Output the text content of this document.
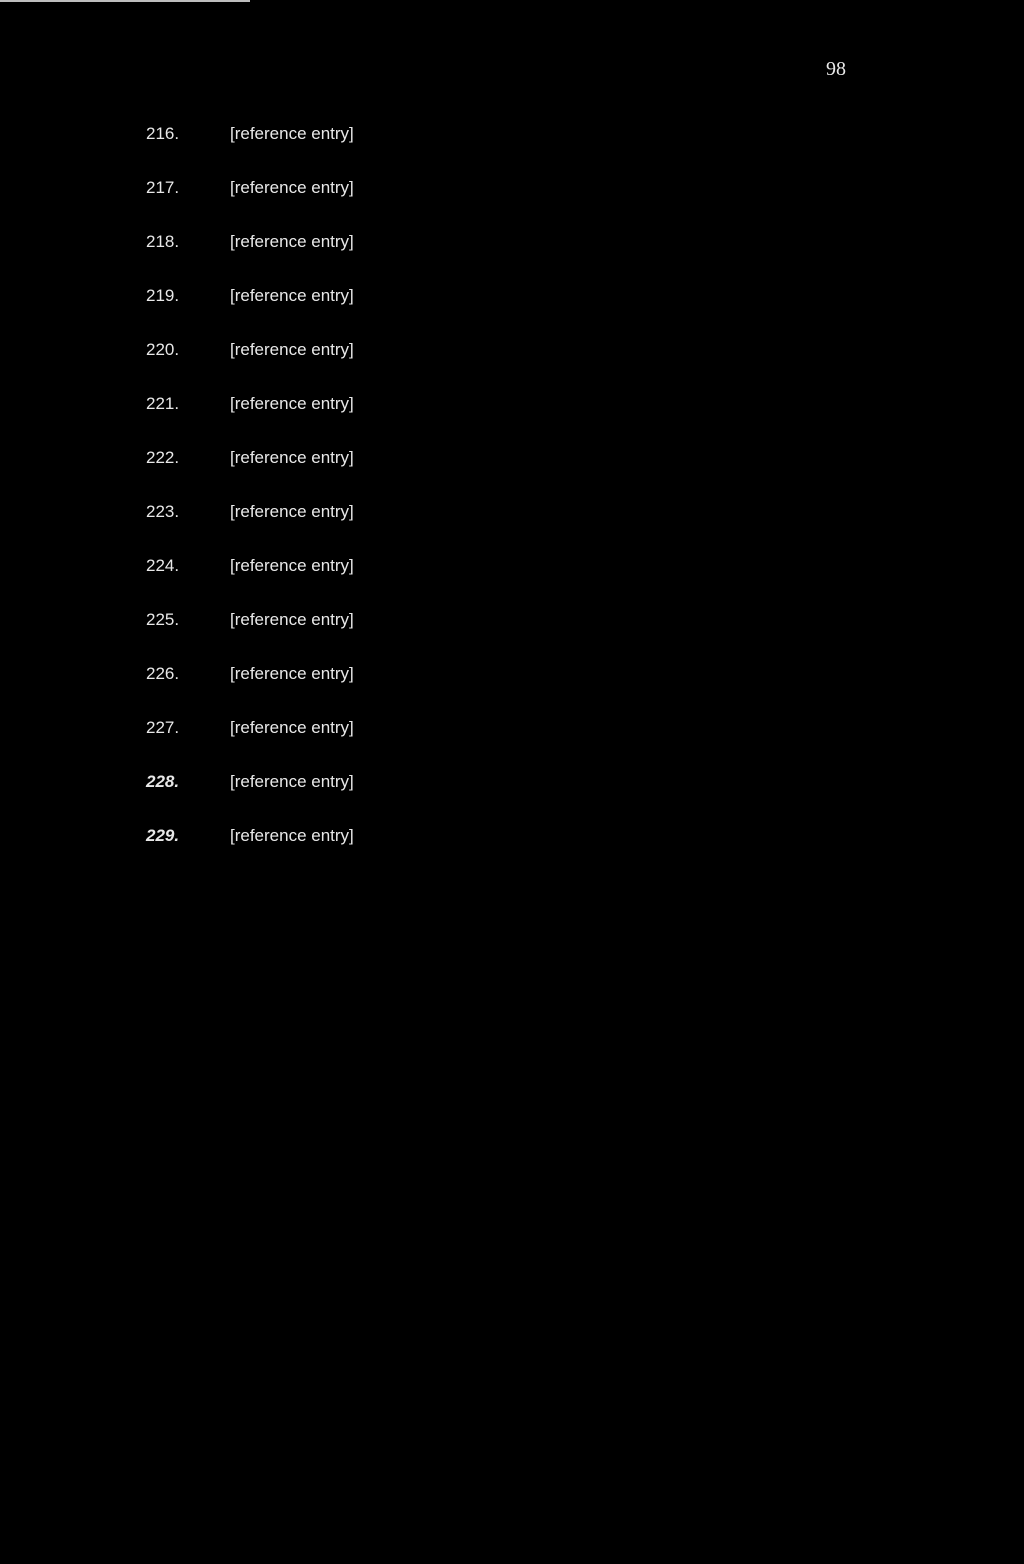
98
216.	[reference entry]
217.	[reference entry]
218.	[reference entry]
219.	[reference entry]
220.	[reference entry]
221.	[reference entry]
222.	[reference entry]
223.	[reference entry]
224.	[reference entry]
225.	[reference entry]
226.	[reference entry]
227.	[reference entry]
228.	[reference entry]
229.	[reference entry]
